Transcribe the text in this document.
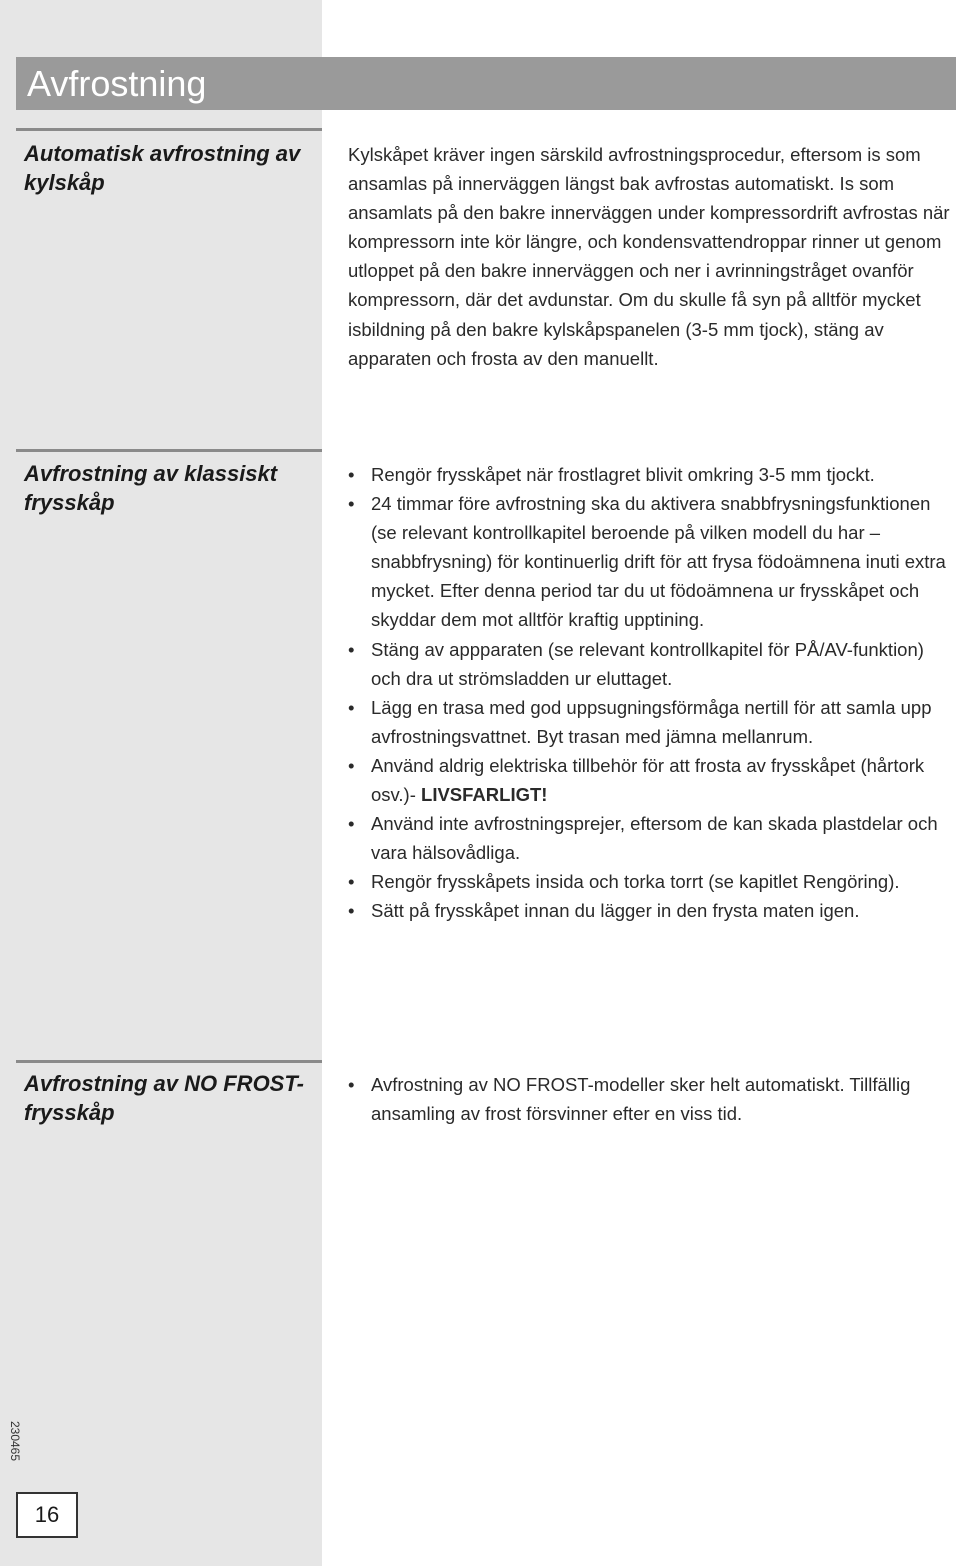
Avfrostning
Automatisk avfrostning av kylskåp

Kylskåpet kräver ingen särskild avfrostningsprocedur, eftersom is som ansamlas på innerväggen längst bak avfrostas automatiskt. Is som ansamlats på den bakre innerväggen under kompressordrift avfrostas när kompressorn inte kör längre, och kondensvattendroppar rinner ut genom utloppet på den bakre innerväggen och ner i avrinningstråget ovanför kompressorn, där det avdunstar. Om du skulle få syn på alltför mycket isbildning på den bakre kylskåpspanelen (3-5 mm tjock), stäng av apparaten och frosta av den manuellt.

Avfrostning av klassiskt frysskåp
• Rengör frysskåpet när frostlagret blivit omkring 3-5 mm tjockt.
• 24 timmar före avfrostning ska du aktivera snabbfrysningsfunktionen (se relevant kontrollkapitel beroende på vilken modell du har – snabbfrysning) för kontinuerlig drift för att frysa födoämnena inuti extra mycket. Efter denna period tar du ut födoämnena ur frysskåpet och skyddar dem mot alltför kraftig upptining.
• Stäng av appparaten (se relevant kontrollkapitel för PÅ/AV-funktion) och dra ut strömsladden ur eluttaget.
• Lägg en trasa med god uppsugningsförmåga nertill för att samla upp avfrostningsvattnet. Byt trasan med jämna mellanrum.
• Använd aldrig elektriska tillbehör för att frosta av frysskåpet (hårtork osv.)- LIVSFARLIGT!
• Använd inte avfrostningsprejer, eftersom de kan skada plastdelar och vara hälsovådliga.
• Rengör frysskåpets insida och torka torrt (se kapitlet Rengöring).
• Sätt på frysskåpet innan du lägger in den frysta maten igen.
Avfrostning av NO FROST-frysskåp
• Avfrostning av NO FROST-modeller sker helt automatiskt. Tillfällig ansamling av frost försvinner efter en viss tid.
230465
16
